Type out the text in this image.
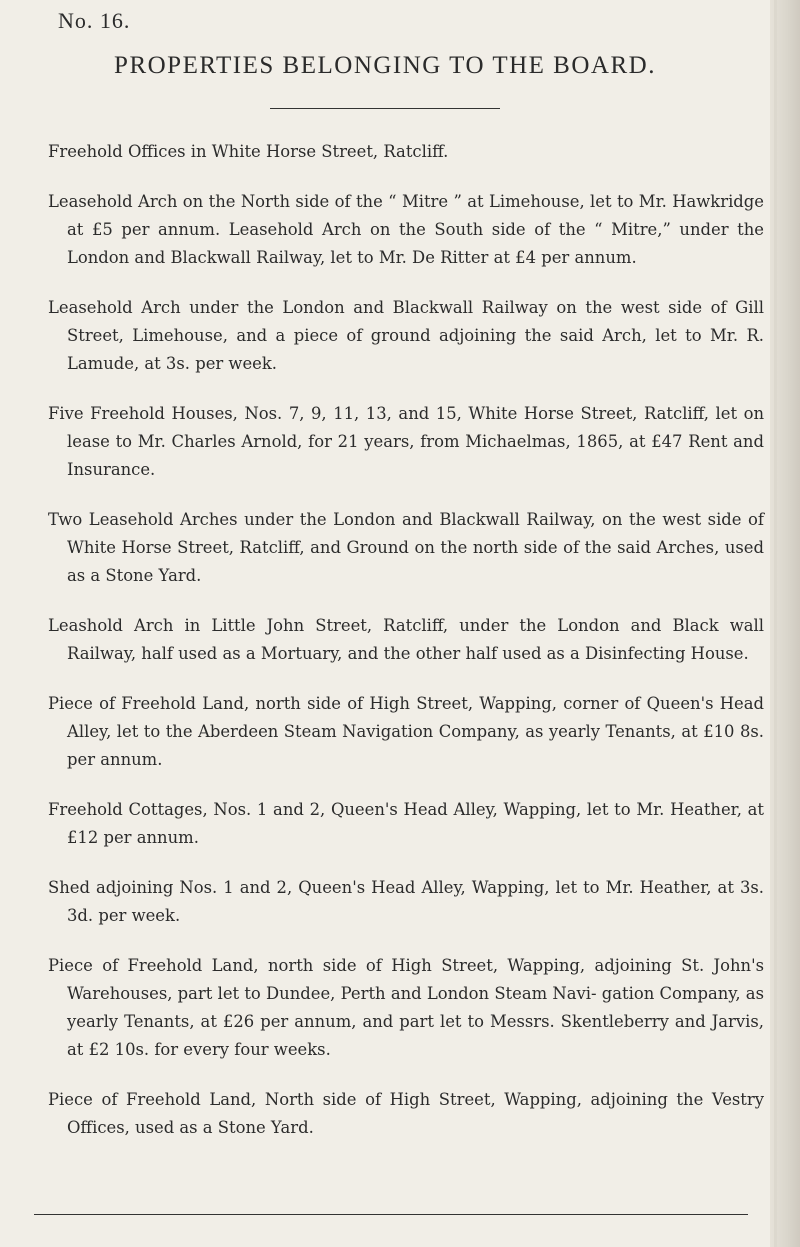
No. 16.
PROPERTIES BELONGING TO THE BOARD.

Freehold Offices in White Horse Street, Ratcliff.

Leasehold Arch on the North side of the “ Mitre ” at Limehouse, let to Mr. Hawkridge at £5 per annum. Leasehold Arch on the South side of the “ Mitre,” under the London and Blackwall Railway, let to Mr. De Ritter at £4 per annum.

Leasehold Arch under the London and Blackwall Railway on the west side of Gill Street, Limehouse, and a piece of ground adjoining the said Arch, let to Mr. R. Lamude, at 3s. per week.

Five Freehold Houses, Nos. 7, 9, 11, 13, and 15, White Horse Street, Ratcliff, let on lease to Mr. Charles Arnold, for 21 years, from Michaelmas, 1865, at £47 Rent and Insurance.

Two Leasehold Arches under the London and Blackwall Railway, on the west side of White Horse Street, Ratcliff, and Ground on the north side of the said Arches, used as a Stone Yard.

Leashold Arch in Little John Street, Ratcliff, under the London and Black wall Railway, half used as a Mortuary, and the other half used as a Disinfecting House.

Piece of Freehold Land, north side of High Street, Wapping, corner of Queen's Head Alley, let to the Aberdeen Steam Navigation Company, as yearly Tenants, at £10 8s. per annum.

Freehold Cottages, Nos. 1 and 2, Queen's Head Alley, Wapping, let to Mr. Heather, at £12 per annum.

Shed adjoining Nos. 1 and 2, Queen's Head Alley, Wapping, let to Mr. Heather, at 3s. 3d. per week.

Piece of Freehold Land, north side of High Street, Wapping, adjoining St. John's Warehouses, part let to Dundee, Perth and London Steam Navi- gation Company, as yearly Tenants, at £26 per annum, and part let to Messrs. Skentleberry and Jarvis, at £2 10s. for every four weeks.

Piece of Freehold Land, North side of High Street, Wapping, adjoining the Vestry Offices, used as a Stone Yard.
